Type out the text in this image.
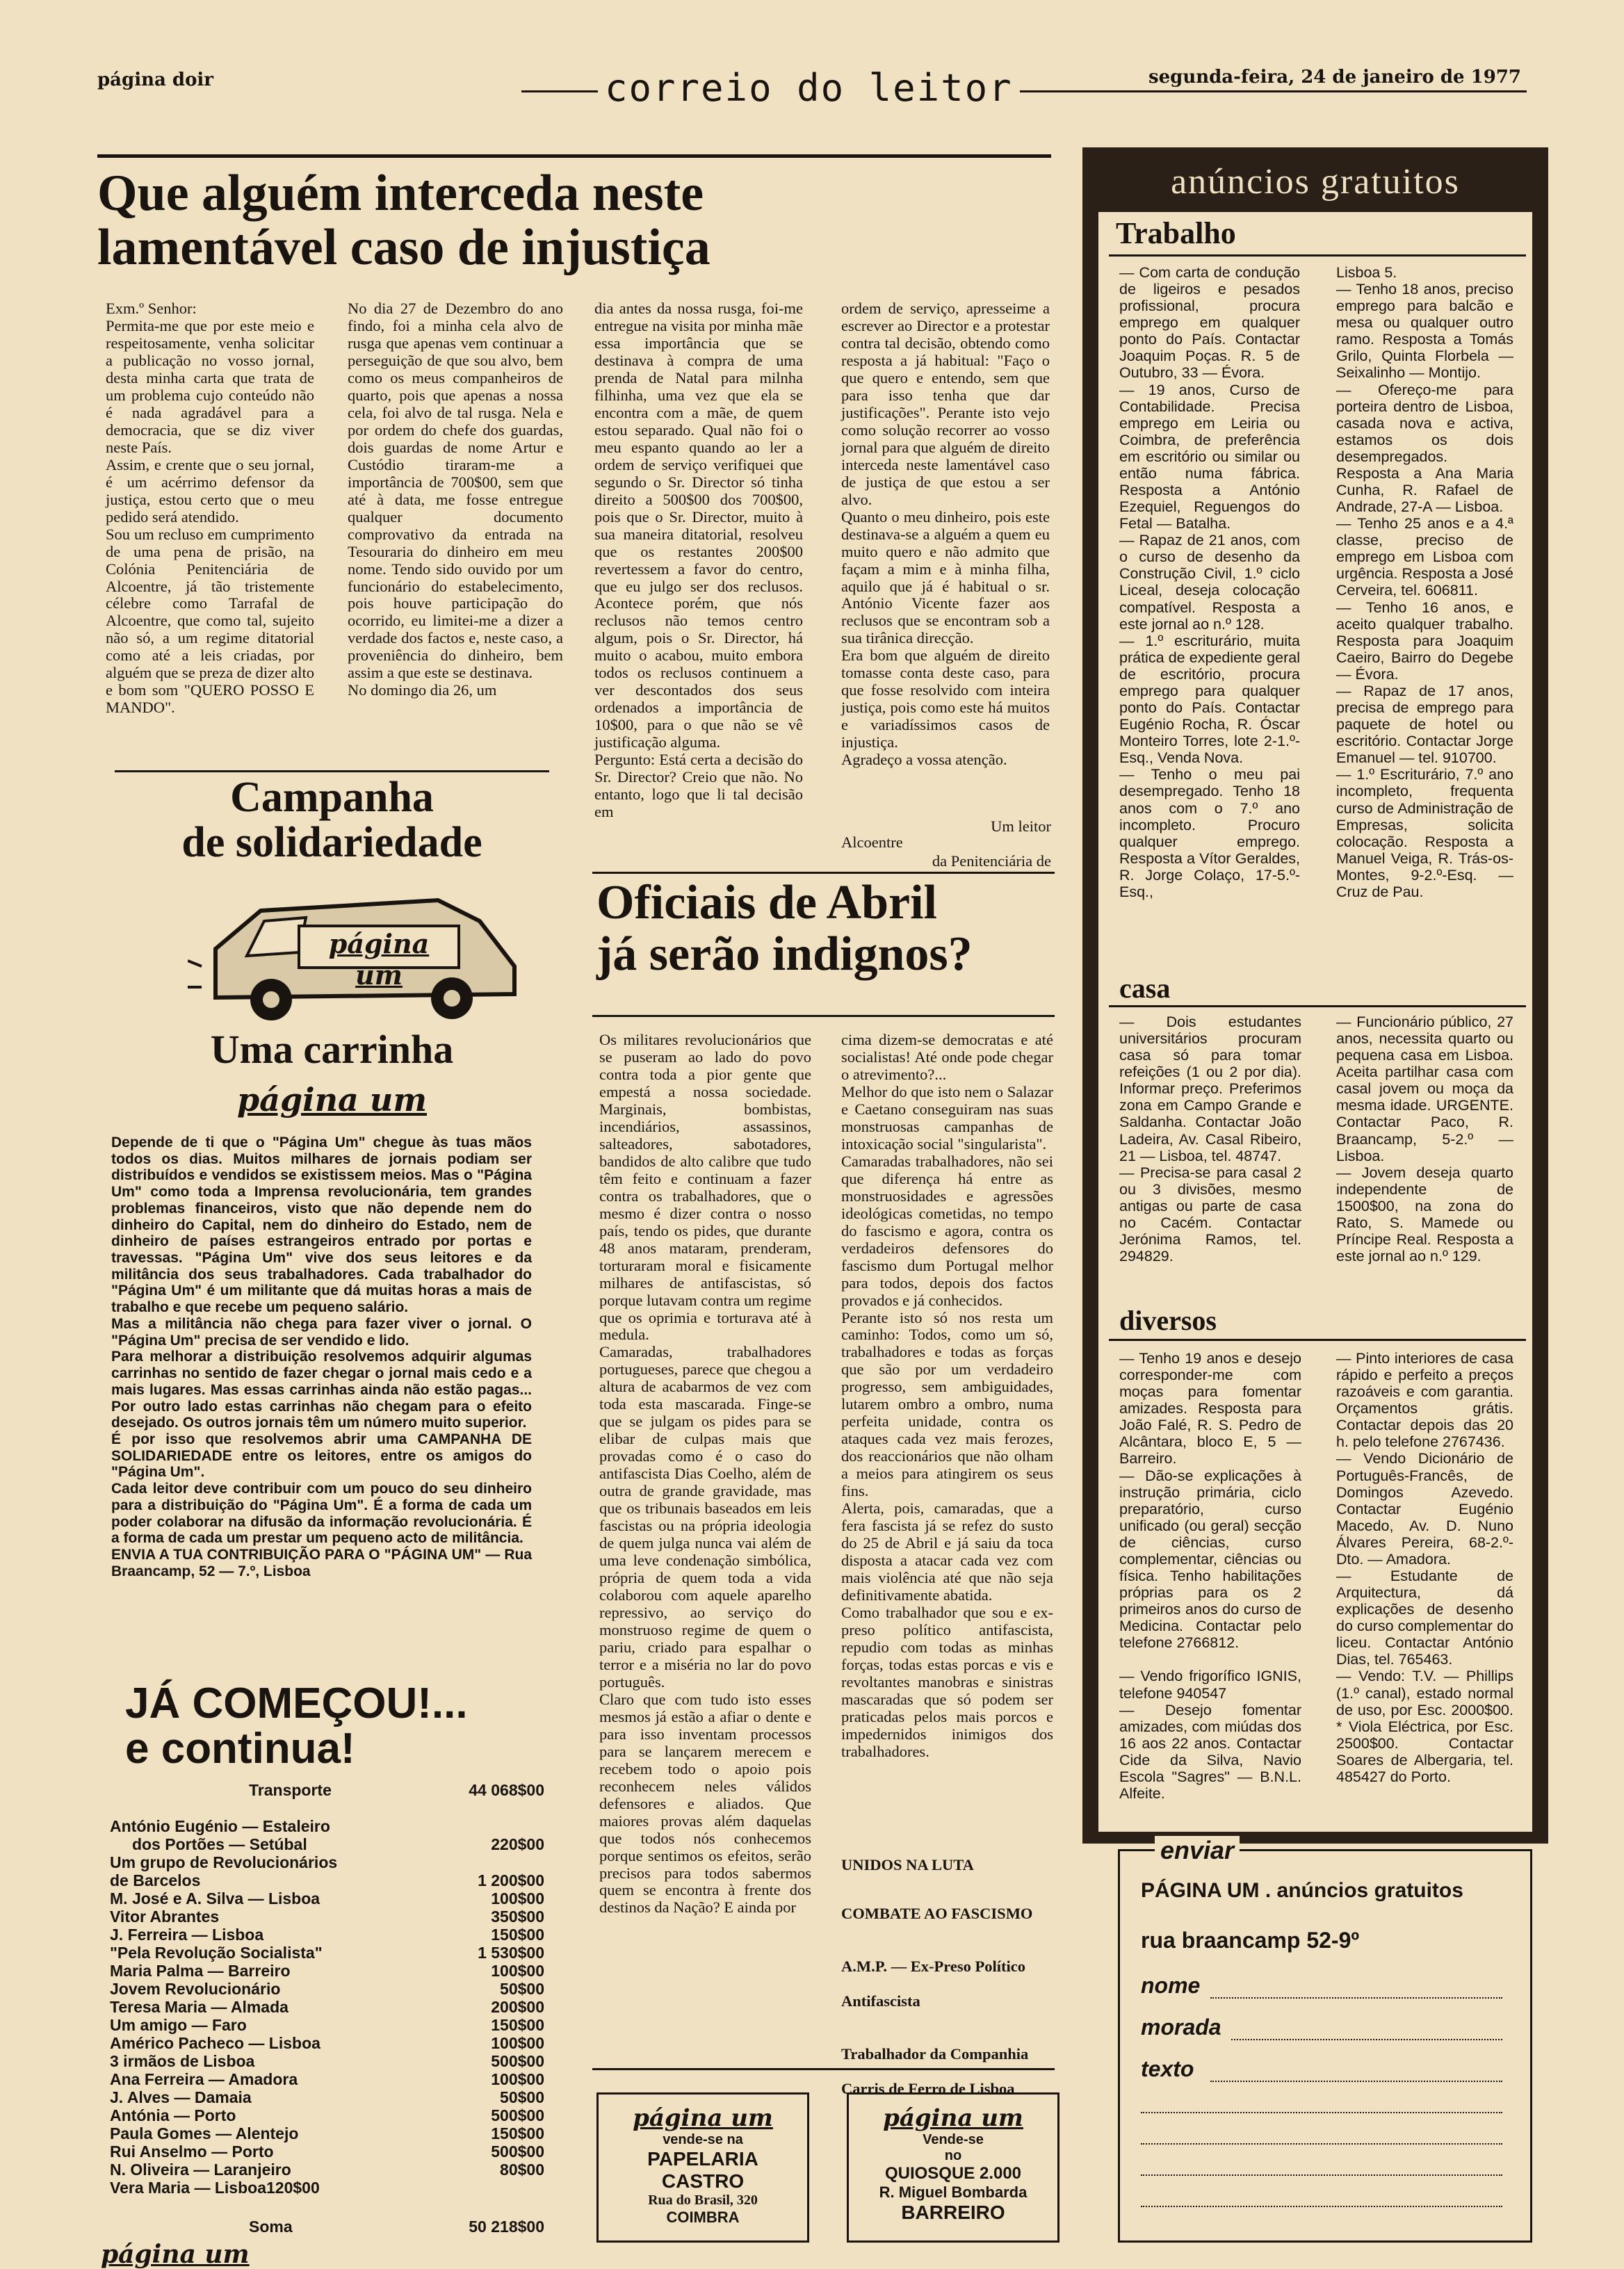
página doir	correio do leitor	segunda-feira, 24 de janeiro de 1977
Que alguém interceda neste
lamentável caso de injustiça
Exm.º Senhor:
Permita-me que por este meio e respeitosamente, venha solicitar a publicação no vosso jornal, desta minha carta que trata de um problema cujo conteúdo não é nada agradável para a democracia, que se diz viver neste País.
Assim, e crente que o seu jornal, é um acérrimo defensor da justiça, estou certo que o meu pedido será atendido.
Sou um recluso em cumprimento de uma pena de prisão, na Colónia Penitenciária de Alcoentre, já tão tristemente célebre como Tarrafal de Alcoentre, que como tal, sujeito não só, a um regime ditatorial como até a leis criadas, por alguém que se preza de dizer alto e bom som "QUERO POSSO E MANDO".
No dia 27 de Dezembro do ano findo, foi a minha cela alvo de rusga que apenas vem continuar a perseguição de que sou alvo, bem como os meus companheiros de quarto, pois que apenas a nossa cela, foi alvo de tal rusga. Nela e por ordem do chefe dos guardas, dois guardas de nome Artur e Custódio tiraram-me a importância de 700$00, sem que até à data, me fosse entregue qualquer documento comprovativo da entrada na Tesouraria do dinheiro em meu nome. Tendo sido ouvido por um funcionário do estabelecimento, pois houve participação do ocorrido, eu limitei-me a dizer a verdade dos factos e, neste caso, a proveniência do dinheiro, bem assim a que este se destinava.
No domingo dia 26, um
dia antes da nossa rusga, foi-me entregue na visita por minha mãe essa importância que se destinava à compra de uma prenda de Natal para milnha filhinha, uma vez que ela se encontra com a mãe, de quem estou separado. Qual não foi o meu espanto quando ao ler a ordem de serviço verifiquei que segundo o Sr. Director só tinha direito a 500$00 dos 700$00, pois que o Sr. Director, muito à sua maneira ditatorial, resolveu que os restantes 200$00 revertessem a favor do centro, que eu julgo ser dos reclusos. Acontece porém, que nós reclusos não temos centro algum, pois o Sr. Director, há muito o acabou, muito embora todos os reclusos continuem a ver descontados dos seus ordenados a importância de 10$00, para o que não se vê justificação alguma.
Pergunto: Está certa a decisão do Sr. Director? Creio que não. No entanto, logo que li tal decisão em
ordem de serviço, apresseime a escrever ao Director e a protestar contra tal decisão, obtendo como resposta a já habitual: "Faço o que quero e entendo, sem que para isso tenha que dar justificações". Perante isto vejo como solução recorrer ao vosso jornal para que alguém de direito interceda neste lamentável caso de justiça de que estou a ser alvo.
Quanto o meu dinheiro, pois este destinava-se a alguém a quem eu muito quero e não admito que façam a mim e à minha filha, aquilo que já é habitual o sr. António Vicente fazer aos reclusos que se encontram sob a sua tirânica direcção.
Era bom que alguém de direito tomasse conta deste caso, para que fosse resolvido com inteira justiça, pois como este há muitos e variadíssimos casos de injustiça.
Agradeço a vossa atenção.

Um leitor

da Penitenciária de

Alcoentre
Campanha
de solidariedade
página um
Uma carrinha
página um
Depende de ti que o "Página Um" chegue às tuas mãos todos os dias. Muitos milhares de jornais podiam ser distribuídos e vendidos se existissem meios. Mas o "Página Um" como toda a Imprensa revolucionária, tem grandes problemas financeiros, visto que não depende nem do dinheiro do Capital, nem do dinheiro do Estado, nem de dinheiro de países estrangeiros entrado por portas e travessas. "Página Um" vive dos seus leitores e da militância dos seus trabalhadores. Cada trabalhador do "Página Um" é um militante que dá muitas horas a mais de trabalho e que recebe um pequeno salário.
Mas a militância não chega para fazer viver o jornal. O "Página Um" precisa de ser vendido e lido.
Para melhorar a distribuição resolvemos adquirir algumas carrinhas no sentido de fazer chegar o jornal mais cedo e a mais lugares. Mas essas carrinhas ainda não estão pagas... Por outro lado estas carrinhas não chegam para o efeito desejado. Os outros jornais têm um número muito superior.
É por isso que resolvemos abrir uma CAMPANHA DE SOLIDARIEDADE entre os leitores, entre os amigos do "Página Um".
Cada leitor deve contribuir com um pouco do seu dinheiro para a distribuição do "Página Um". É a forma de cada um poder colaborar na difusão da informação revolucionária. É a forma de cada um prestar um pequeno acto de militância.
ENVIA A TUA CONTRIBUIÇÃO PARA O "PÁGINA UM" — Rua Braancamp, 52 — 7.º, Lisboa
JÁ COMEÇOU!...
e continua!
Transporte	44 068$00
António Eugénio — Estaleiro
dos Portões — Setúbal	220$00
Um grupo de Revolucionários
de Barcelos	1 200$00
M. José e A. Silva — Lisboa	100$00
Vitor Abrantes	350$00
J. Ferreira — Lisboa	150$00
"Pela Revolução Socialista"	1 530$00
Maria Palma — Barreiro	100$00
Jovem Revolucionário	50$00
Teresa Maria — Almada	200$00
Um amigo — Faro	150$00
Américo Pacheco — Lisboa	100$00
3 irmãos de Lisboa	500$00
Ana Ferreira — Amadora	100$00
J. Alves — Damaia	50$00
Antónia — Porto	500$00
Paula Gomes — Alentejo	150$00
Rui Anselmo — Porto	500$00
N. Oliveira — Laranjeiro	80$00
Vera Maria — Lisboa120$00
Soma	50 218$00
página um
Oficiais de Abril
já serão indignos?
Os militares revolucionários que se puseram ao lado do povo contra toda a pior gente que empestá a nossa sociedade. Marginais, bombistas, incendiários, assassinos, salteadores, sabotadores, bandidos de alto calibre que tudo têm feito e continuam a fazer contra os trabalhadores, que o mesmo é dizer contra o nosso país, tendo os pides, que durante 48 anos mataram, prenderam, torturaram moral e fisicamente milhares de antifascistas, só porque lutavam contra um regime que os oprimia e torturava até à medula.
Camaradas, trabalhadores portugueses, parece que chegou a altura de acabarmos de vez com toda esta mascarada. Finge-se que se julgam os pides para se elibar de culpas mais que provadas como é o caso do antifascista Dias Coelho, além de outra de grande gravidade, mas que os tribunais baseados em leis fascistas ou na própria ideologia de quem julga nunca vai além de uma leve condenação simbólica, própria de quem toda a vida colaborou com aquele aparelho repressivo, ao serviço do monstruoso regime de quem o pariu, criado para espalhar o terror e a miséria no lar do povo português.
Claro que com tudo isto esses mesmos já estão a afiar o dente e para isso inventam processos para se lançarem merecem e recebem todo o apoio pois reconhecem neles válidos defensores e aliados. Que maiores provas além daquelas que todos nós conhecemos porque sentimos os efeitos, serão precisos para todos sabermos quem se encontra à frente dos destinos da Nação? E ainda por
cima dizem-se democratas e até socialistas! Até onde pode chegar o atrevimento?...
Melhor do que isto nem o Salazar e Caetano conseguiram nas suas monstruosas campanhas de intoxicação social "singularista".
Camaradas trabalhadores, não sei que diferença há entre as monstruosidades e agressões ideológicas cometidas, no tempo do fascismo e agora, contra os verdadeiros defensores do fascismo dum Portugal melhor para todos, depois dos factos provados e já conhecidos.
Perante isto só nos resta um caminho: Todos, como um só, trabalhadores e todas as forças que são por um verdadeiro progresso, sem ambiguidades, lutarem ombro a ombro, numa perfeita unidade, contra os ataques cada vez mais ferozes, dos reaccionários que não olham a meios para atingirem os seus fins.
Alerta, pois, camaradas, que a fera fascista já se refez do susto do 25 de Abril e já saiu da toca disposta a atacar cada vez com mais violência até que não seja definitivamente abatida.
Como trabalhador que sou e ex-preso político antifascista, repudio com todas as minhas forças, todas estas porcas e vis e revoltantes manobras e sinistras mascaradas que só podem ser praticadas pelos mais porcos e impedernidos inimigos dos trabalhadores.

UNIDOS NA LUTA

COMBATE AO FASCISMO

A.M.P. — Ex-Preso Político

Antifascista

Trabalhador da Companhia

Carris de Ferro de Lisboa

página um
vende-se na
PAPELARIA
CASTRO
Rua do Brasil, 320
COIMBRA
página um
Vende-se
no
QUIOSQUE 2.000
R. Miguel Bombarda
BARREIRO
anúncios gratuitos
Trabalho
— Com carta de condução de ligeiros e pesados profissional, procura emprego em qualquer ponto do País. Contactar Joaquim Poças. R. 5 de Outubro, 33 — Évora.
— 19 anos, Curso de Contabilidade. Precisa emprego em Leiria ou Coimbra, de preferência em escritório ou similar ou então numa fábrica. Resposta a António Ezequiel, Reguengos do Fetal — Batalha.
— Rapaz de 21 anos, com o curso de desenho da Construção Civil, 1.º ciclo Liceal, deseja colocação compatível. Resposta a este jornal ao n.º 128.
— 1.º escriturário, muita prática de expediente geral de escritório, procura emprego para qualquer ponto do País. Contactar Eugénio Rocha, R. Óscar Monteiro Torres, lote 2-1.º-Esq., Venda Nova.
— Tenho o meu pai desempregado. Tenho 18 anos com o 7.º ano incompleto. Procuro qualquer emprego. Resposta a Vítor Geraldes, R. Jorge Colaço, 17-5.º-Esq.,
Lisboa 5.
— Tenho 18 anos, preciso emprego para balcão e mesa ou qualquer outro ramo. Resposta a Tomás Grilo, Quinta Florbela — Seixalinho — Montijo.
— Ofereço-me para porteira dentro de Lisboa, casada nova e activa, estamos os dois desempregados. Resposta a Ana Maria Cunha, R. Rafael de Andrade, 27-A — Lisboa.
— Tenho 25 anos e a 4.ª classe, preciso de emprego em Lisboa com urgência. Resposta a José Cerveira, tel. 606811.
— Tenho 16 anos, e aceito qualquer trabalho. Resposta para Joaquim Caeiro, Bairro do Degebe — Évora.
— Rapaz de 17 anos, precisa de emprego para paquete de hotel ou escritório. Contactar Jorge Emanuel — tel. 910700.
— 1.º Escriturário, 7.º ano incompleto, frequenta curso de Administração de Empresas, solicita colocação. Resposta a Manuel Veiga, R. Trás-os-Montes, 9-2.º-Esq. — Cruz de Pau.
casa
— Dois estudantes universitários procuram casa só para tomar refeições (1 ou 2 por dia). Informar preço. Preferimos zona em Campo Grande e Saldanha. Contactar João Ladeira, Av. Casal Ribeiro, 21 — Lisboa, tel. 48747.
— Precisa-se para casal 2 ou 3 divisões, mesmo antigas ou parte de casa no Cacém. Contactar Jerónima Ramos, tel. 294829.
— Funcionário público, 27 anos, necessita quarto ou pequena casa em Lisboa. Aceita partilhar casa com casal jovem ou moça da mesma idade. URGENTE. Contactar Paco, R. Braancamp, 5-2.º — Lisboa.
— Jovem deseja quarto independente de 1500$00, na zona do Rato, S. Mamede ou Príncipe Real. Resposta a este jornal ao n.º 129.
diversos
— Tenho 19 anos e desejo corresponder-me com moças para fomentar amizades. Resposta para João Falé, R. S. Pedro de Alcântara, bloco E, 5 — Barreiro.
— Dão-se explicações à instrução primária, ciclo preparatório, curso unificado (ou geral) secção de ciências, curso complementar, ciências ou física. Tenho habilitações próprias para os 2 primeiros anos do curso de Medicina. Contactar pelo telefone 2766812.

— Vendo frigorífico IGNIS, telefone 940547
— Desejo fomentar amizades, com miúdas dos 16 aos 22 anos. Contactar Cide da Silva, Navio Escola "Sagres" — B.N.L. Alfeite.
— Pinto interiores de casa rápido e perfeito a preços razoáveis e com garantia. Orçamentos grátis. Contactar depois das 20 h. pelo telefone 2767436.
— Vendo Dicionário de Português-Francês, de Domingos Azevedo. Contactar Eugénio Macedo, Av. D. Nuno Álvares Pereira, 68-2.º-Dto. — Amadora.
— Estudante de Arquitectura, dá explicações de desenho do curso complementar do liceu. Contactar António Dias, tel. 765463.
— Vendo: T.V. — Phillips (1.º canal), estado normal de uso, por Esc. 2000$00. * Viola Eléctrica, por Esc. 2500$00. Contactar Soares de Albergaria, tel. 485427 do Porto.
enviar
PÁGINA UM . anúncios gratuitos
rua braancamp 52-9º
nome
morada
texto
